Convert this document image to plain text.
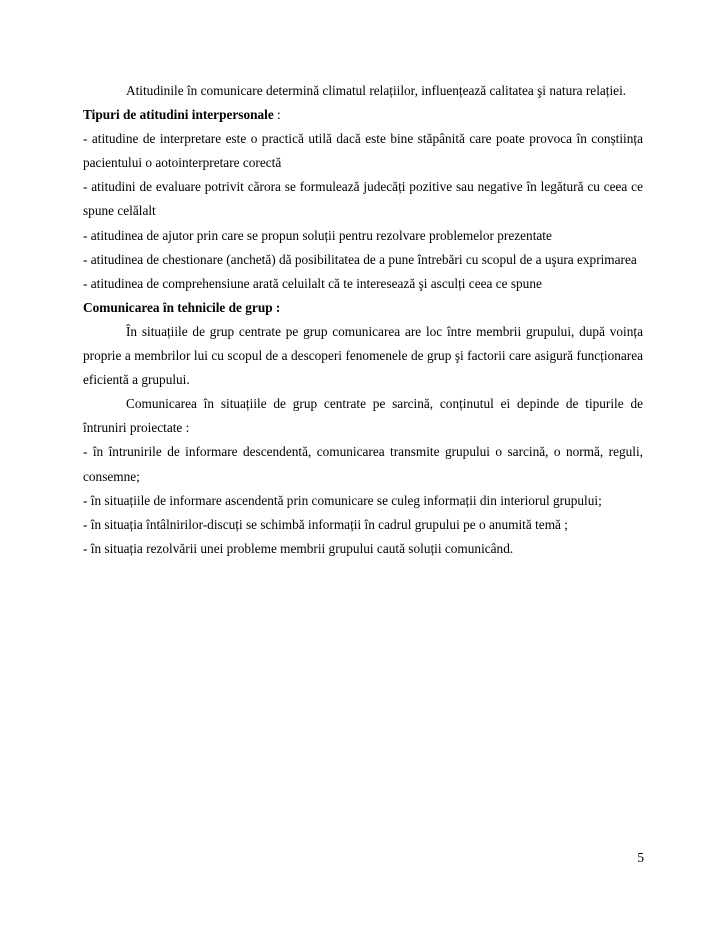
Atitudinile în comunicare determină climatul relațiilor, influențează calitatea şi natura relației.

Tipuri de atitudini interpersonale :

- atitudine de interpretare este o practică utilă dacă este bine stăpânită care poate provoca în conștiința pacientului o aotointerpretare corectă

- atitudini de evaluare potrivit cărora se formulează judecăți pozitive sau negative în legătură cu ceea ce spune celălalt

- atitudinea de ajutor prin care se propun soluții pentru rezolvare problemelor prezentate

- atitudinea de chestionare (anchetă) dă posibilitatea de a pune întrebări cu scopul de a uşura exprimarea

- atitudinea de comprehensiune arată celuilalt că te interesează şi asculți ceea ce spune

Comunicarea în tehnicile de grup :

În situațiile de grup centrate pe grup comunicarea are loc între membrii grupului, după voința proprie a membrilor lui cu scopul de a descoperi fenomenele de grup şi factorii care asigură funcționarea eficientă a grupului.

Comunicarea în situațiile de grup centrate pe sarcină, conținutul ei depinde de tipurile de întruniri proiectate :

- în întrunirile de informare descendentă, comunicarea transmite grupului o sarcină, o normă, reguli, consemne;

- în situațiile de informare ascendentă prin comunicare se culeg informații din interiorul grupului;

- în situația întâlnirilor-discuți se schimbă informații în cadrul grupului pe o anumită temă ;

- în situația rezolvării unei probleme membrii grupului caută soluții comunicând.

5
